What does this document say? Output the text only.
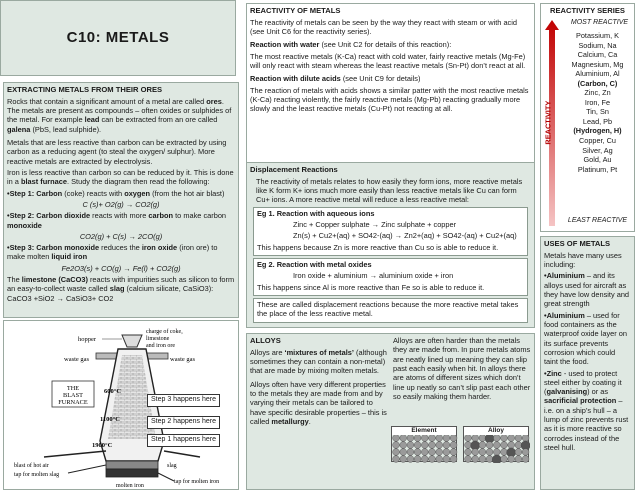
C10: METALS

EXTRACTING METALS FROM THEIR ORES

Rocks that contain a significant amount of a metal are called ores. The metals are present as compounds – often oxides or sulphides of the metal. For example lead can be extracted from an ore called galena (PbS, lead sulphide).

Metals that are less reactive than carbon can be extracted by using carbon as a reducing agent (to steal the oxygen/ sulphur). More reactive metals are extracted by electrolysis.

Iron is less reactive than carbon so can be reduced by it. This is done in a blast furnace. Study the diagram then read the following:

•Step 1: Carbon (coke) reacts with oxygen (from the hot air blast)

C (s)+ O2(g) → CO2(g)

•Step 2: Carbon dioxide reacts with more carbon to make carbon monoxide

CO2(g) + C(s) → 2CO(g)

•Step 3: Carbon monoxide reduces the iron oxide (iron ore) to make molten liquid iron

Fe2O3(s) + CO(g) → Fe(l) + CO2(g)

The limestone (CaCO3) reacts with impurities such as silicon to form an easy-to-collect waste called slag (calcium silicate, CaSiO3): CaCO3 +SiO2 → CaSiO3+ CO2

hopper
charge of coke,
limestone
and iron ore
waste gas	waste gas
600°C
1100°C
1900°C
THE
BLAST
FURNACE
blast of hot air	slag
molten iron
tap for molten slag
tap for molten iron
Step 3 happens here
Step 2 happens here
Step 1 happens here

REACTIVITY OF METALS

The reactivity of metals can be seen by the way they react with steam or with acid (see Unit C6 for the reactivity series).

Reaction with water (see Unit C2 for details of this reaction):

The most reactive metals (K-Ca) react with cold water, fairly reactive metals (Mg-Fe) will only react with steam whereas the least reactive metals (Sn-Pt) don’t react at all.

Reaction with dilute acids (see Unit C9 for details)

The reaction of metals with acids shows a similar patter with the most reactive metals (K-Ca) reacting violently, the fairly reactive metals (Mg-Pb) reacting gradually more slowly and the least reactive metals (Cu-Pt) not reacting at all.

Displacement Reactions

The reactivity of metals relates to how easily they form ions, more reactive metals like K form K+ ions much more easily than less reactive metals like Cu can form Cu+ ions. A more reactive metal will reduce a less reactive metal:

Eg 1. Reaction with aqueous ions

Zinc + Copper sulphate → Zinc sulphate + copper

Zn(s) + Cu2+(aq) + SO42-(aq) → Zn2+(aq) + SO42-(aq) + Cu2+(aq)

This happens because Zn is more reactive than Cu so is able to reduce it.

Eg 2. Reaction with metal oxides

Iron oxide + aluminium → aluminium oxide + iron

This happens since Al is more reactive than Fe so is able to reduce it.

These are called displacement reactions because the more reactive metal takes the place of the less reactive metal.

ALLOYS

Alloys are ‘mixtures of metals’ (although sometimes they can contain a non-metal) that are made by mixing molten metals.

Alloys often have very different properties to the metals they are made from and by varying their metals can be tailored to have specific desirable properties – this is called metallurgy.

Alloys are often harder than the metals they are made from. In pure metals atoms are neatly lined up meaning they can slip past each easily when hit. In alloys there are atoms of different sizes which don’t line up neatly so can’t slip past each other so easily making them harder.

Element	Alloy

REACTIVITY SERIES

MOST REACTIVE

REACTIVITY
Potassium, K
Sodium, Na
Calcium, Ca
Magnesium, Mg
Aluminium, Al
(Carbon, C)
Zinc, Zn
Iron, Fe
Tin, Sn
Lead, Pb
(Hydrogen, H)
Copper, Cu
Silver, Ag
Gold, Au
Platinum, Pt

LEAST REACTIVE

USES OF METALS

Metals have many uses including:

•Aluminium – and its alloys used for aircraft as they have low density and great strength

•Aluminium – used for food containers as the waterproof oxide layer on its surface prevents corrosion which could taint the food.

•Zinc - used to protect steel either by coating it (galvanising) or as sacrificial protection – i.e. on a ship’s hull – a lump of zinc prevents rust as it is more reactive so corrodes instead of the steel hull.
